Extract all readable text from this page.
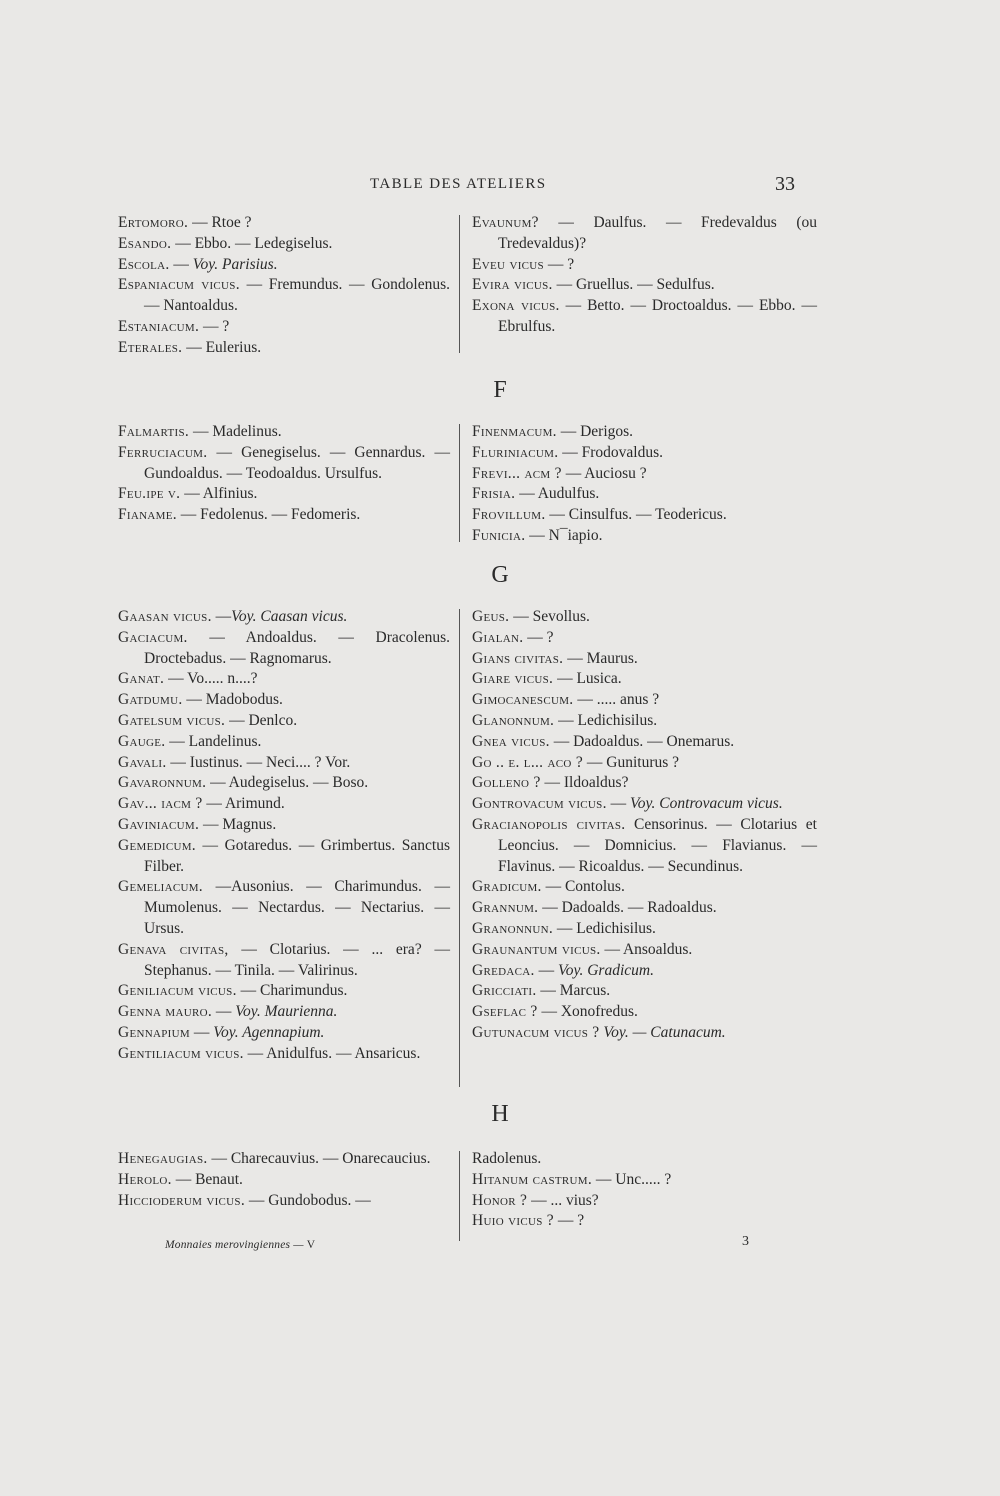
TABLE DES ATELIERS	33
Ertomoro. — Rtoe ?
Esando. — Ebbo. — Ledegiselus.
Escola. — Voy. Parisius.
Espaniacum vicus. — Fremundus. — Gondolenus. — Nantoaldus.
Estaniacum. — ?
Eterales. — Eulerius.
Evaunum? — Daulfus. — Fredevaldus (ou Tredevaldus)?
Eveu vicus — ?
Evira vicus. — Gruellus. — Sedulfus.
Exona vicus. — Betto. — Droctoaldus. — Ebbo. — Ebrulfus.
F
Falmartis. — Madelinus.
Ferruciacum. — Genegiselus. — Gennardus. — Gundoaldus. — Teodoaldus. Ursulfus.
Feu.ipe v. — Alfinius.
Fianame. — Fedolenus. — Fedomeris.
Finenmacum. — Derigos.
Fluriniacum. — Frodovaldus.
Frevi... acm ? — Auciosu ?
Frisia. — Audulfus.
Frovillum. — Cinsulfus. — Teodericus.
Funicia. — N¯iapio.
G
Gaasan vicus. —Voy. Caasan vicus.
Gaciacum. — Andoaldus. — Dracolenus. Droctebadus. — Ragnomarus.
Ganat. — Vo..... n....?
Gatdumu. — Madobodus.
Gatelsum vicus. — Denlco.
Gauge. — Landelinus.
Gavali. — Iustinus. — Neci.... ? Vor.
Gavaronnum. — Audegiselus. — Boso.
Gav... iacm ? — Arimund.
Gaviniacum. — Magnus.
Gemedicum. — Gotaredus. — Grimbertus. Sanctus Filber.
Gemeliacum. —Ausonius. — Charimundus. — Mumolenus. — Nectardus. — Nectarius. — Ursus.
Genava civitas, — Clotarius. — ... era? — Stephanus. — Tinila. — Valirinus.
Geniliacum vicus. — Charimundus.
Genna mauro. — Voy. Maurienna.
Gennapium — Voy. Agennapium.
Gentiliacum vicus. — Anidulfus. — Ansaricus.
Geus. — Sevollus.
Gialan. — ?
Gians civitas. — Maurus.
Giare vicus. — Lusica.
Gimocanescum. — ..... anus ?
Glanonnum. — Ledichisilus.
Gnea vicus. — Dadoaldus. — Onemarus.
Go .. e. l... aco ? — Guniturus ?
Golleno ? — Ildoaldus?
Gontrovacum vicus. — Voy. Controvacum vicus.
Gracianopolis civitas. Censorinus. — Clotarius et Leoncius. — Domnicius. — Flavianus. — Flavinus. — Ricoaldus. — Secundinus.
Gradicum. — Contolus.
Grannum. — Dadoalds. — Radoaldus.
Granonnun. — Ledichisilus.
Graunantum vicus. — Ansoaldus.
Gredaca. — Voy. Gradicum.
Gricciati. — Marcus.
Gseflac ? — Xonofredus.
Gutunacum vicus ? Voy. — Catunacum.
H
Henegaugias. — Charecauvius. — Onarecaucius.
Herolo. — Benaut.
Hiccioderum vicus. — Gundobodus. —
Radolenus.
Hitanum castrum. — Unc..... ?
Honor ? — ... vius?
Huio vicus ? — ?
Monnaies merovingiennes — V	3
